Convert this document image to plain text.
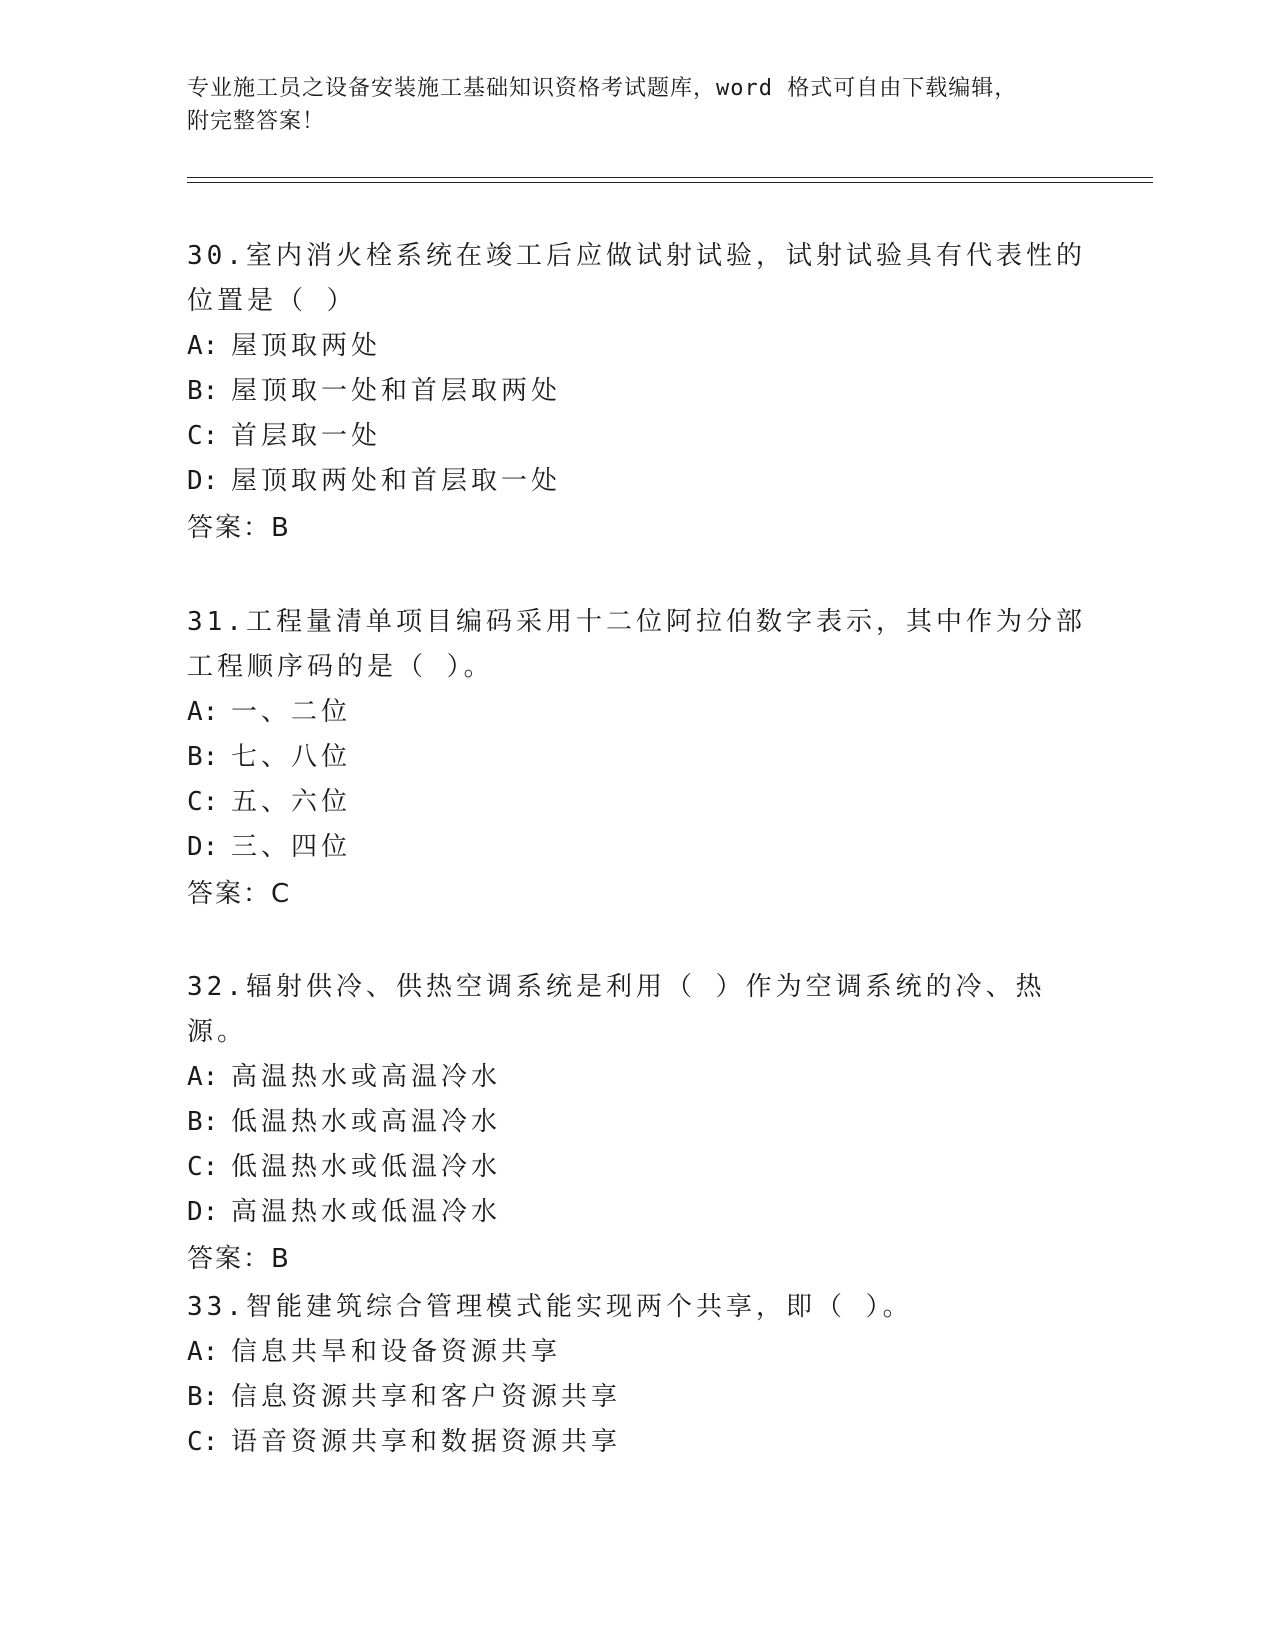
专业施工员之设备安装施工基础知识资格考试题库，word 格式可自由下载编辑，
附完整答案！

30.室内消火栓系统在竣工后应做试射试验，试射试验具有代表性的位置是（ ）

A: 屋顶取两处

B: 屋顶取一处和首层取两处

C: 首层取一处

D: 屋顶取两处和首层取一处

答案：B

31.工程量清单项目编码采用十二位阿拉伯数字表示，其中作为分部工程顺序码的是（ ）。

A: 一、二位

B: 七、八位

C: 五、六位

D: 三、四位

答案：C

32.辐射供冷、供热空调系统是利用（ ）作为空调系统的冷、热源。

A: 高温热水或高温冷水

B: 低温热水或高温冷水

C: 低温热水或低温冷水

D: 高温热水或低温冷水

答案：B

33.智能建筑综合管理模式能实现两个共享，即（ ）。

A: 信息共旱和设备资源共享

B: 信息资源共享和客户资源共享

C: 语音资源共享和数据资源共享
